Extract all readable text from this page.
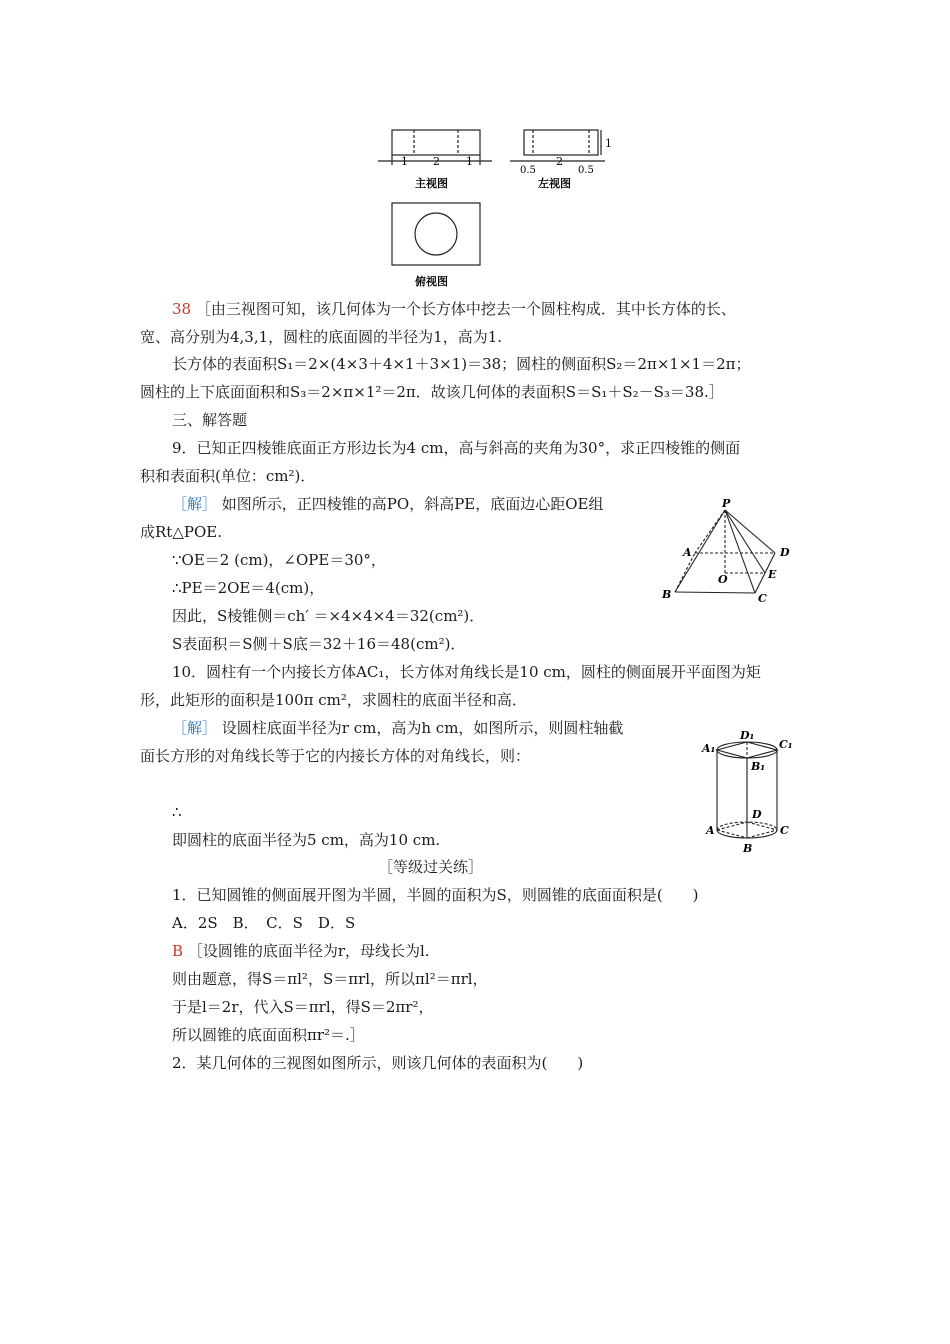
1 2 1
主视图
0.5
2
0.5
1
左视图
俯视图
38 ［由三视图可知，该几何体为一个长方体中挖去一个圆柱构成．其中长方体的长、
宽、高分别为4,3,1，圆柱的底面圆的半径为1，高为1.
长方体的表面积S₁＝2×(4×3＋4×1＋3×1)＝38；圆柱的侧面积S₂＝2π×1×1＝2π；
圆柱的上下底面面积和S₃＝2×π×1²＝2π．故该几何体的表面积S＝S₁＋S₂－S₃＝38.］
三、解答题
9．已知正四棱锥底面正方形边长为4 cm，高与斜高的夹角为30°，求正四棱锥的侧面
积和表面积(单位：cm²)．
［解］ 如图所示，正四棱锥的高PO，斜高PE，底面边心距OE组
成Rt△POE.
∵OE＝2 (cm)，∠OPE＝30°，
∴PE＝2OE＝4(cm)，
因此，S棱锥侧＝ch′ ＝×4×4×4＝32(cm²)．
S表面积＝S侧＋S底＝32＋16＝48(cm²)．
P
A	D
O	E
B	C
10．圆柱有一个内接长方体AC₁，长方体对角线长是10 cm，圆柱的侧面展开平面图为矩
形，此矩形的面积是100π cm²，求圆柱的底面半径和高．
［解］ 设圆柱底面半径为r cm，高为h cm，如图所示，则圆柱轴截
面长方形的对角线长等于它的内接长方体的对角线长，则：
∴
即圆柱的底面半径为5 cm，高为10 cm.
A₁
D₁
C₁
B₁
D
A	C
B
［等级过关练］
1．已知圆锥的侧面展开图为半圆，半圆的面积为S，则圆锥的底面面积是(　　)
A．2S　B．　C．S　D．S
B ［设圆锥的底面半径为r，母线长为l.
则由题意，得S＝πl²，S＝πrl，所以πl²＝πrl，
于是l＝2r，代入S＝πrl，得S＝2πr²，
所以圆锥的底面面积πr²＝.］
2．某几何体的三视图如图所示，则该几何体的表面积为(　　)
